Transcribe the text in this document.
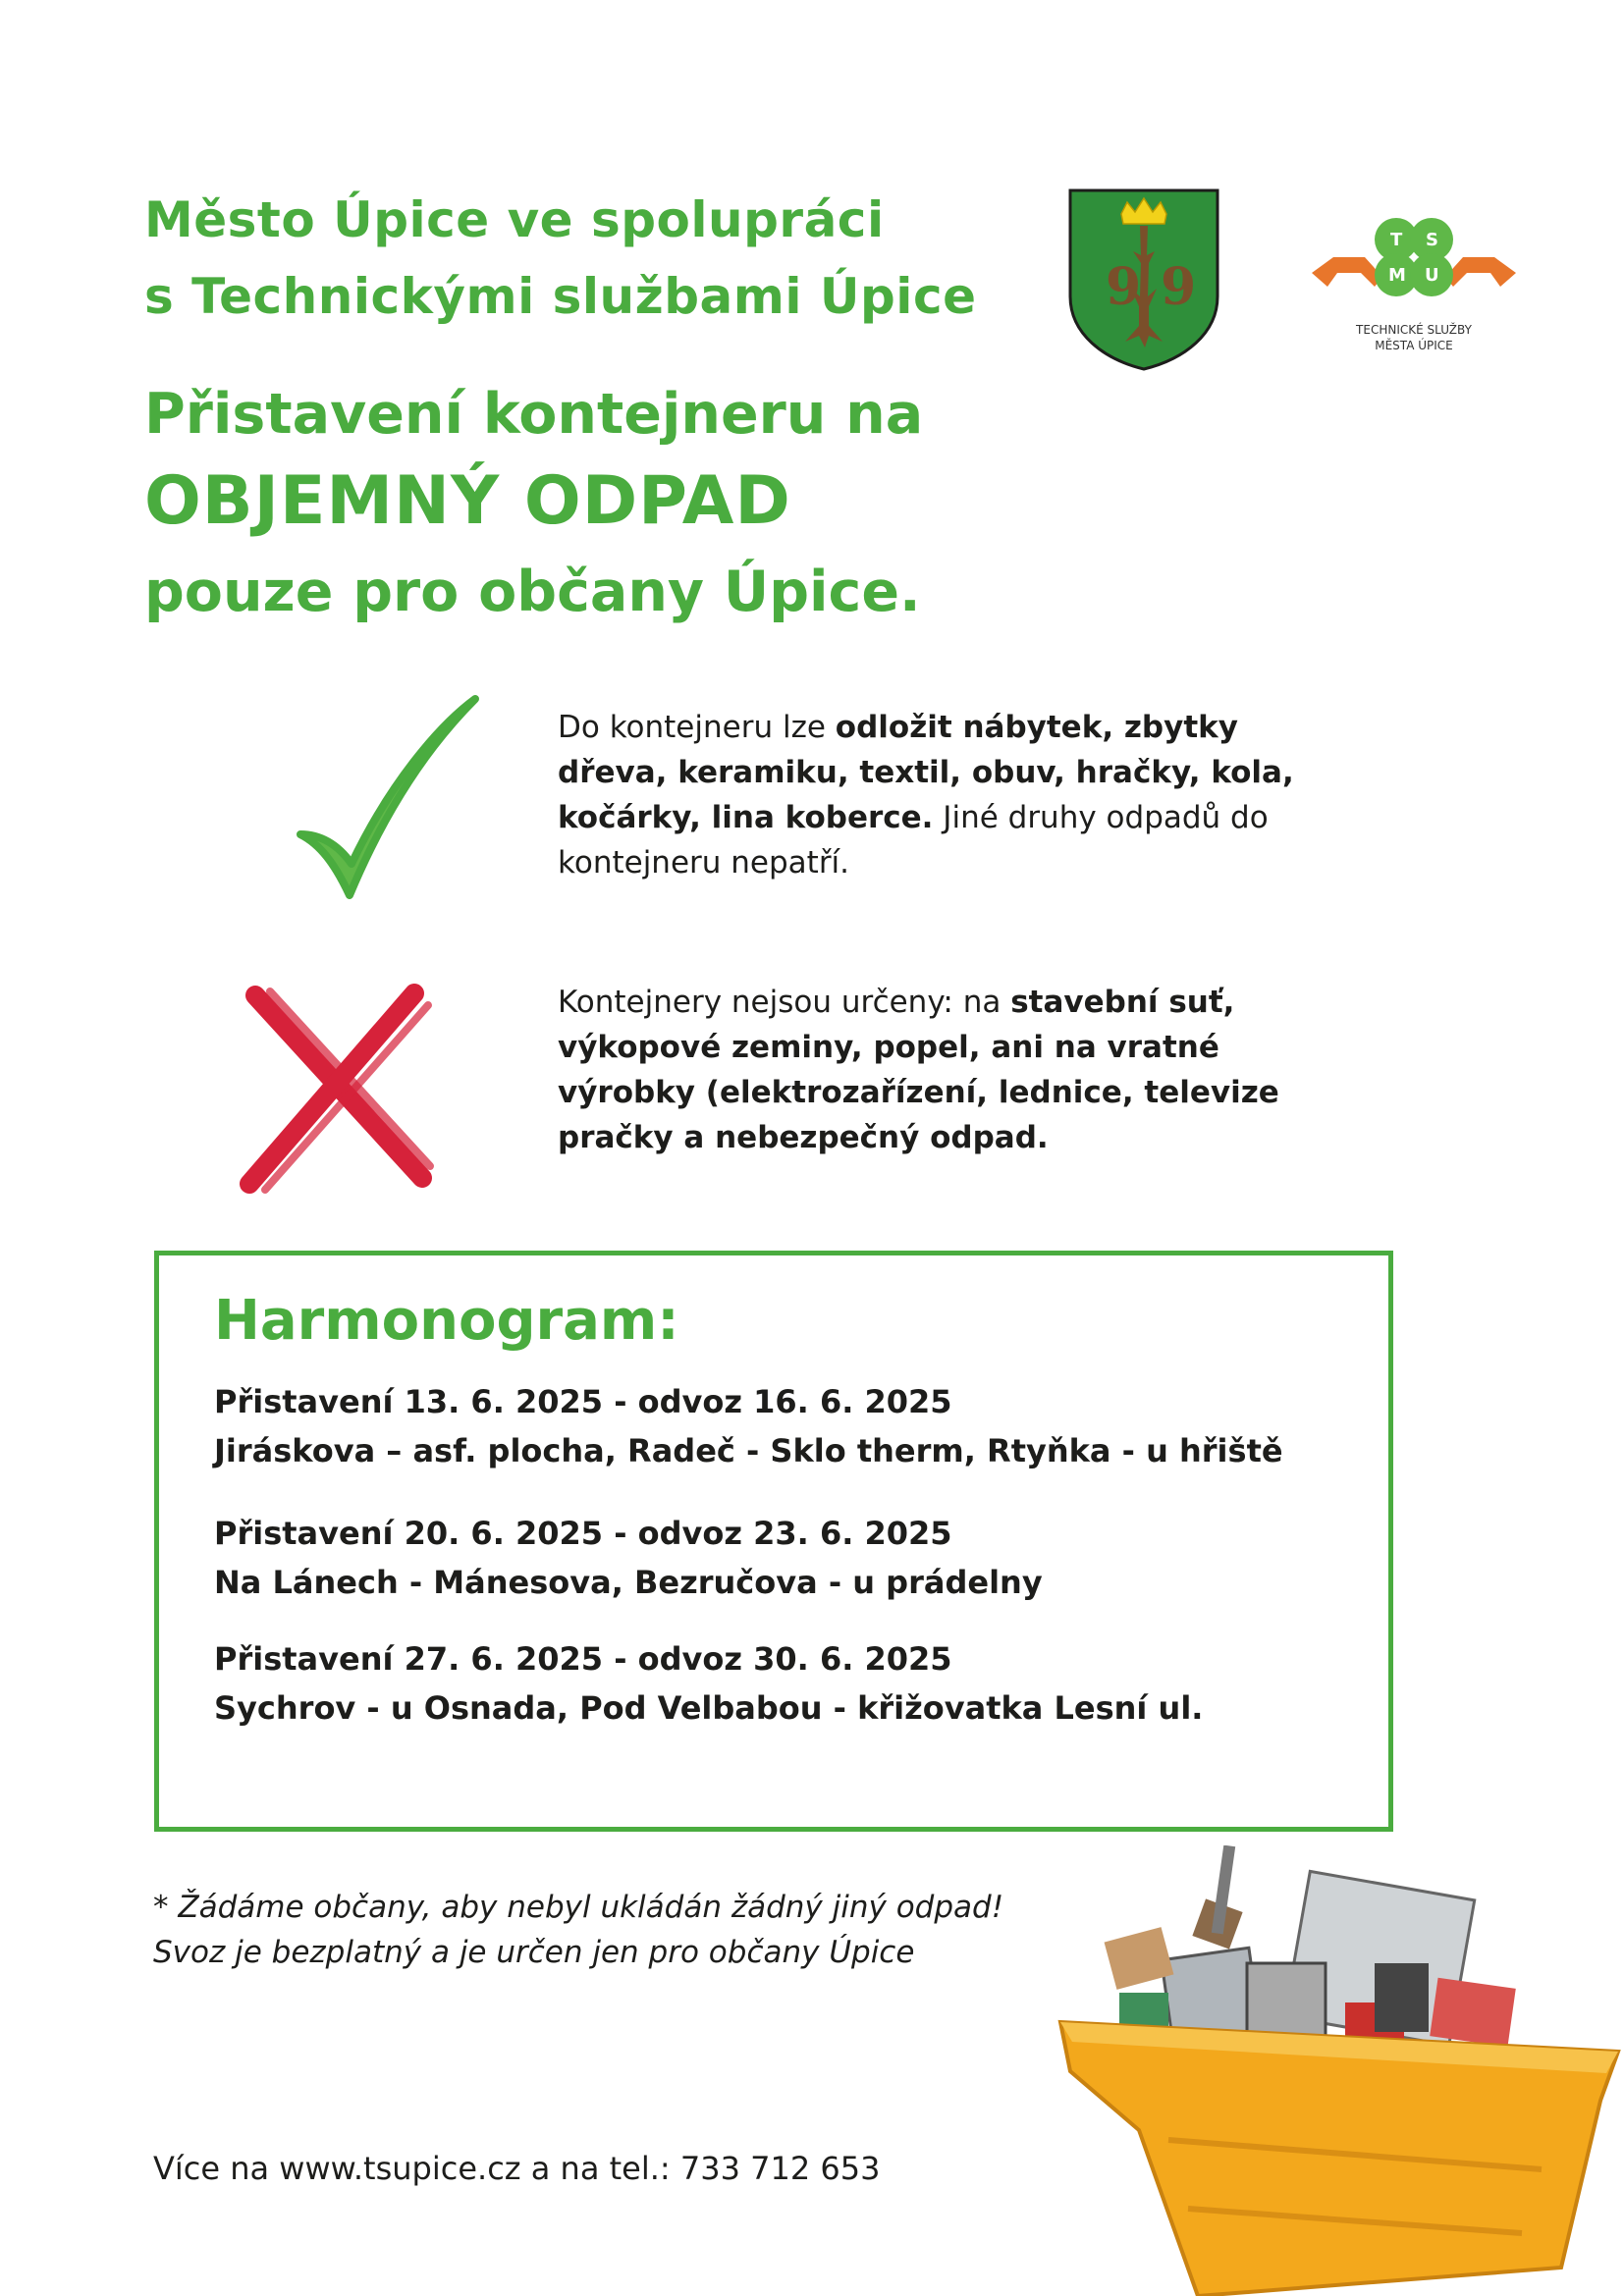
Město Úpice ve spolupráci
s Technickými službami Úpice	9 9
T S
M U
TECHNICKÉ SLUŽBY
MĚSTA ÚPICE
Přistavení kontejneru na
OBJEMNÝ ODPAD
pouze pro občany Úpice.
Do kontejneru lze odložit nábytek, zbytky dřeva, keramiku, textil, obuv, hračky, kola, kočárky, lina koberce. Jiné druhy odpadů do kontejneru nepatří.
Kontejnery nejsou určeny: na stavební suť, výkopové zeminy, popel, ani na vratné výrobky (elektrozařízení, lednice, televize pračky a nebezpečný odpad.
Harmonogram:
Přistavení 13. 6. 2025 - odvoz 16. 6. 2025
Jiráskova – asf. plocha, Radeč - Sklo therm, Rtyňka - u hřiště
Přistavení 20. 6. 2025 - odvoz 23. 6. 2025
Na Lánech - Mánesova, Bezručova - u prádelny
Přistavení 27. 6. 2025 - odvoz 30. 6. 2025
Sychrov - u Osnada, Pod Velbabou - křižovatka Lesní ul.
* Žádáme občany, aby nebyl ukládán žádný jiný odpad!
Svoz je bezplatný a je určen jen pro občany Úpice
Více na www.tsupice.cz a na tel.: 733 712 653
